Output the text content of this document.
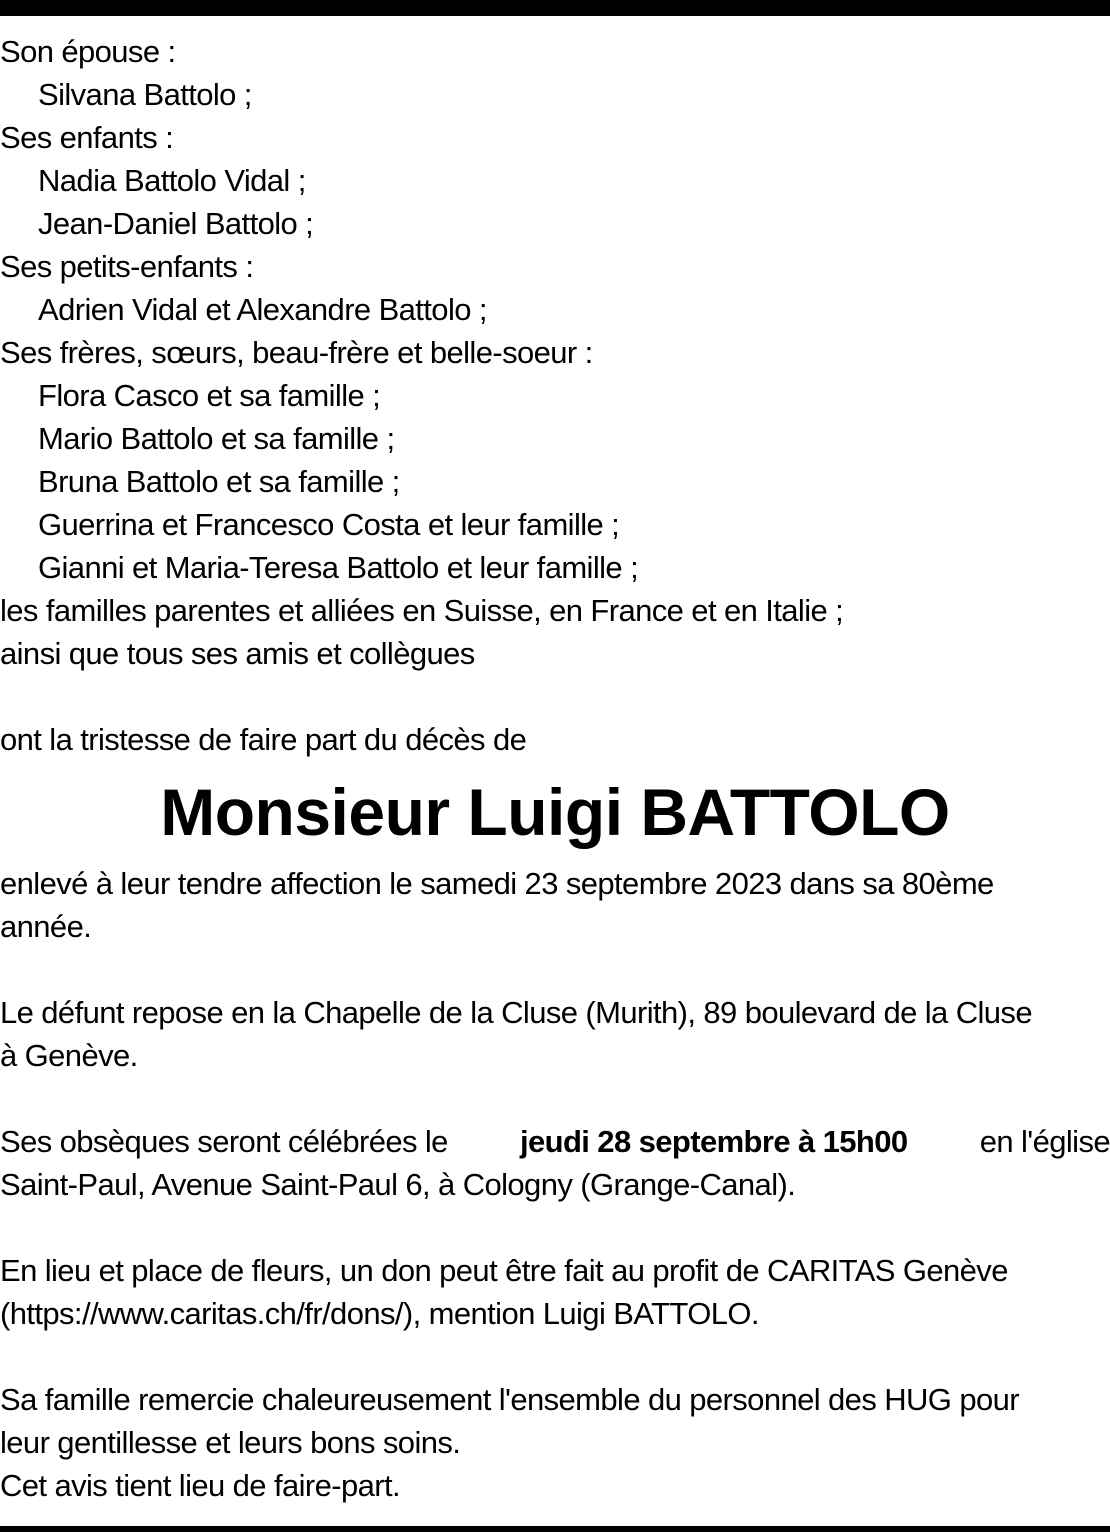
Son épouse :
Silvana Battolo ;
Ses enfants :
Nadia Battolo Vidal ;
Jean-Daniel Battolo ;
Ses petits-enfants :
Adrien Vidal et Alexandre Battolo ;
Ses frères, sœurs, beau-frère et belle-soeur :
Flora Casco et sa famille ;
Mario Battolo et sa famille ;
Bruna Battolo et sa famille ;
Guerrina et Francesco Costa et leur famille ;
Gianni et Maria-Teresa Battolo et leur famille ;
les familles parentes et alliées en Suisse, en France et en Italie ;
ainsi que tous ses amis et collègues
ont la tristesse de faire part du décès de
Monsieur Luigi BATTOLO
enlevé à leur tendre affection le samedi 23 septembre 2023 dans sa 80ème
année.
Le défunt repose en la Chapelle de la Cluse (Murith), 89 boulevard de la Cluse
à Genève.
Ses obsèques seront célébrées le jeudi 28 septembre à 15h00 en l'église
Saint-Paul, Avenue Saint-Paul 6, à Cologny (Grange-Canal).
En lieu et place de fleurs, un don peut être fait au profit de CARITAS Genève
(https://www.caritas.ch/fr/dons/), mention Luigi BATTOLO.
Sa famille remercie chaleureusement l'ensemble du personnel des HUG pour
leur gentillesse et leurs bons soins.
Cet avis tient lieu de faire-part.
